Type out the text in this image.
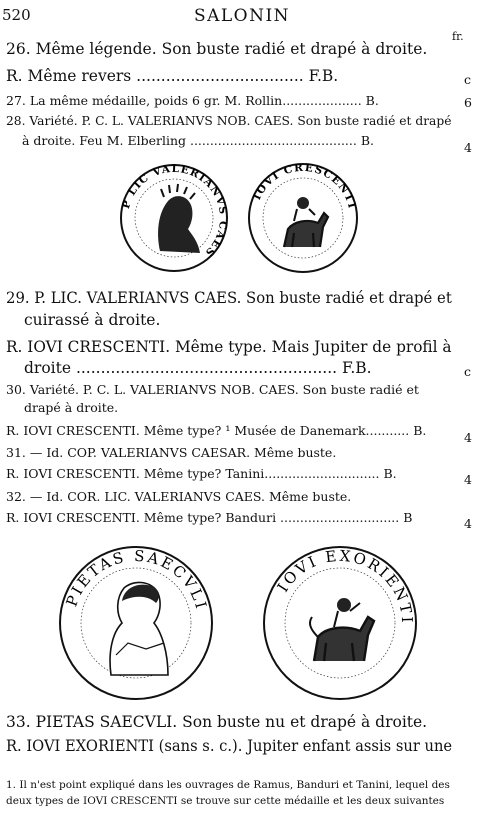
520	SALONIN
fr.
26. Même légende. Son buste radié et drapé à droite.
R. Même revers .................................. F.B.	c
27. La même médaille, poids 6 gr. M. Rollin.................... B.	6
28. Variété. P. C. L. VALERIANVS NOB. CAES. Son buste radié et drapé
à droite. Feu M. Elberling .......................................... B.	4
P LIC VALERIANVS CAES
IOVI CRESCENTI
29. P. LIC. VALERIANVS CAES. Son buste radié et drapé et
cuirassé à droite.
R. IOVI CRESCENTI. Même type. Mais Jupiter de profil à
droite ..................................................... F.B.	c
30. Variété. P. C. L. VALERIANVS NOB. CAES. Son buste radié et
drapé à droite.
R. IOVI CRESCENTI. Même type? ¹ Musée de Danemark........... B.	4
31. — Id. COP. VALERIANVS CAESAR. Même buste.
R. IOVI CRESCENTI. Même type? Tanini............................. B.	4
32. — Id. COR. LIC. VALERIANVS CAES. Même buste.
R. IOVI CRESCENTI. Même type? Banduri .............................. B	4
PIETAS SAECVLI
IOVI EXORIENTI
33. PIETAS SAECVLI. Son buste nu et drapé à droite.
R. IOVI EXORIENTI (sans s. c.). Jupiter enfant assis sur une
1. Il n'est point expliqué dans les ouvrages de Ramus, Banduri et Tanini, lequel des
deux types de IOVI CRESCENTI se trouve sur cette médaille et les deux suivantes
